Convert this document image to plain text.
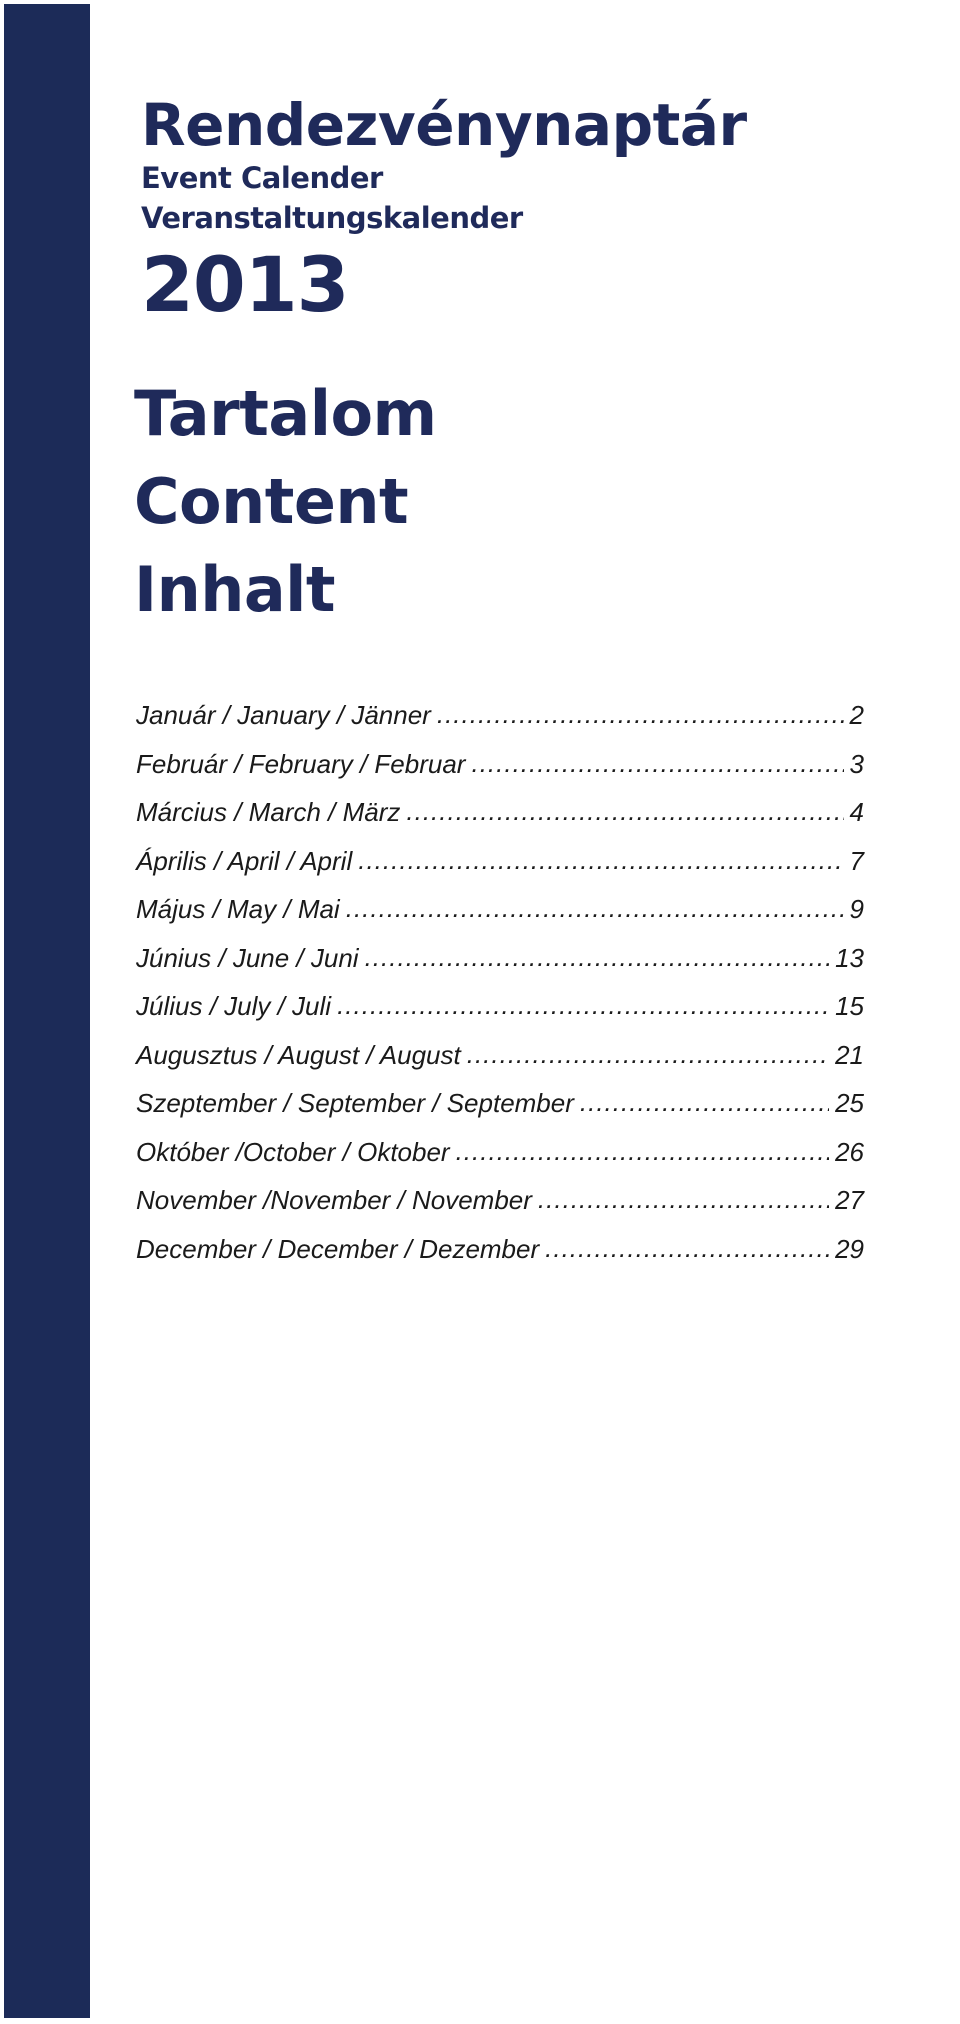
Rendezvénynaptár
Event Calender
Veranstaltungskalender
2013
Tartalom
Content
Inhalt
Január / January / Jänner .....	2
Február / February / Februar .....	3
Március / March / März .....	4
Április / April / April .....	7
Május / May / Mai .....	9
Június / June / Juni .....	13
Július / July / Juli .....	15
Augusztus / August / August .....	21
Szeptember / September / September .....	25
Október /October / Oktober .....	26
November /November / November .....	27
December / December / Dezember .....	29
